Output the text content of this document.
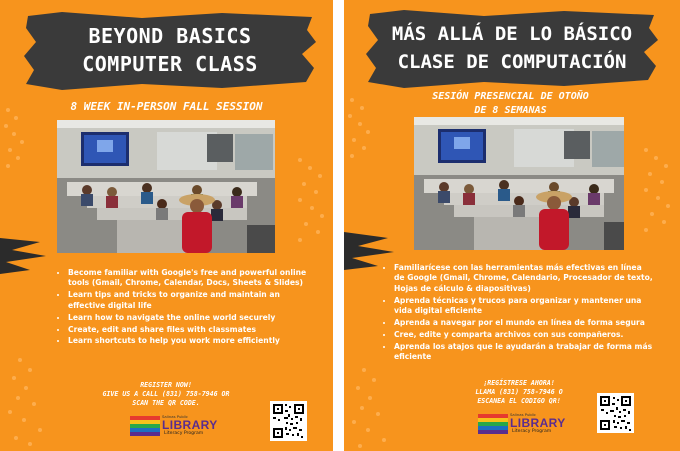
BEYOND BASICS
COMPUTER CLASS
8 WEEK IN-PERSON FALL SESSION
• Become familiar with Google's free and powerful online tools (Gmail, Chrome, Calendar, Docs, Sheets & Slides)
• Learn tips and tricks to organize and maintain an effective digital life
• Learn how to navigate the online world securely
• Create, edit and share files with classmates
• Learn shortcuts to help you work more efficiently
REGISTER NOW!
GIVE US A CALL (831) 758-7946 OR
SCAN THE QR CODE.
Salinas Public
LIBRARY
Literacy Program
MÁS ALLÁ DE LO BÁSICO
CLASE DE COMPUTACIÓN
SESIÓN PRESENCIAL DE OTOÑO
DE 8 SEMANAS
• Familiarícese con las herramientas más efectivas en línea de Google (Gmail, Chrome, Calendario, Procesador de texto, Hojas de cálculo & diapositivas)
• Aprenda técnicas y trucos para organizar y mantener una vida digital eficiente
• Aprenda a navegar por el mundo en línea de forma segura
• Cree, edite y comparta archivos con sus compañeros.
• Aprenda los atajos que le ayudarán a trabajar de forma más eficiente
¡REGÍSTRESE AHORA!
LLAMA (831) 758-7946 O
ESCANEA EL CODIGO QR!
Salinas Public
LIBRARY
Literacy Program
